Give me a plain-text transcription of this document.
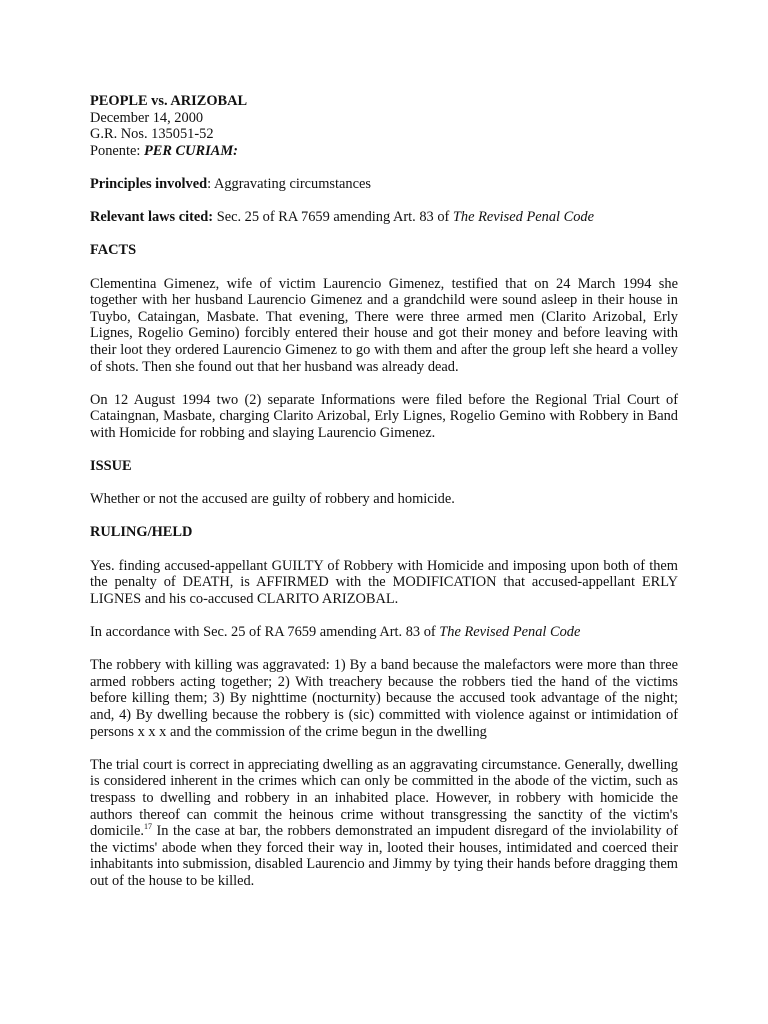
PEOPLE vs. ARIZOBAL

December 14, 2000

G.R. Nos. 135051-52

Ponente: PER CURIAM:

Principles involved: Aggravating circumstances

Relevant laws cited: Sec. 25 of RA 7659 amending Art. 83 of The Revised Penal Code

FACTS

Clementina Gimenez, wife of victim Laurencio Gimenez, testified that on 24 March 1994 she together with her husband Laurencio Gimenez and a grandchild were sound asleep in their house in Tuybo, Cataingan, Masbate. That evening, There were three armed men (Clarito Arizobal, Erly Lignes, Rogelio Gemino) forcibly entered their house and got their money and before leaving with their loot they ordered Laurencio Gimenez to go with them and after the group left she heard a volley of shots. Then she found out that her husband was already dead.

On 12 August 1994 two (2) separate Informations were filed before the Regional Trial Court of Cataingnan, Masbate, charging Clarito Arizobal, Erly Lignes, Rogelio Gemino with Robbery in Band with Homicide for robbing and slaying Laurencio Gimenez.

ISSUE

Whether or not the accused are guilty of robbery and homicide.

RULING/HELD

Yes. finding accused-appellant GUILTY of Robbery with Homicide and imposing upon both of them the penalty of DEATH, is AFFIRMED with the MODIFICATION that accused-appellant ERLY LIGNES and his co-accused CLARITO ARIZOBAL.

In accordance with Sec. 25 of RA 7659 amending Art. 83 of The Revised Penal Code

The robbery with killing was aggravated: 1) By a band because the malefactors were more than three armed robbers acting together; 2) With treachery because the robbers tied the hand of the victims before killing them; 3) By nighttime (nocturnity) because the accused took advantage of the night; and, 4) By dwelling because the robbery is (sic) committed with violence against or intimidation of persons x x x and the commission of the crime begun in the dwelling

The trial court is correct in appreciating dwelling as an aggravating circumstance. Generally, dwelling is considered inherent in the crimes which can only be committed in the abode of the victim, such as trespass to dwelling and robbery in an inhabited place. However, in robbery with homicide the authors thereof can commit the heinous crime without transgressing the sanctity of the victim's domicile.$^{17}$ In the case at bar, the robbers demonstrated an impudent disregard of the inviolability of the victims' abode when they forced their way in, looted their houses, intimidated and coerced their inhabitants into submission, disabled Laurencio and Jimmy by tying their hands before dragging them out of the house to be killed.
